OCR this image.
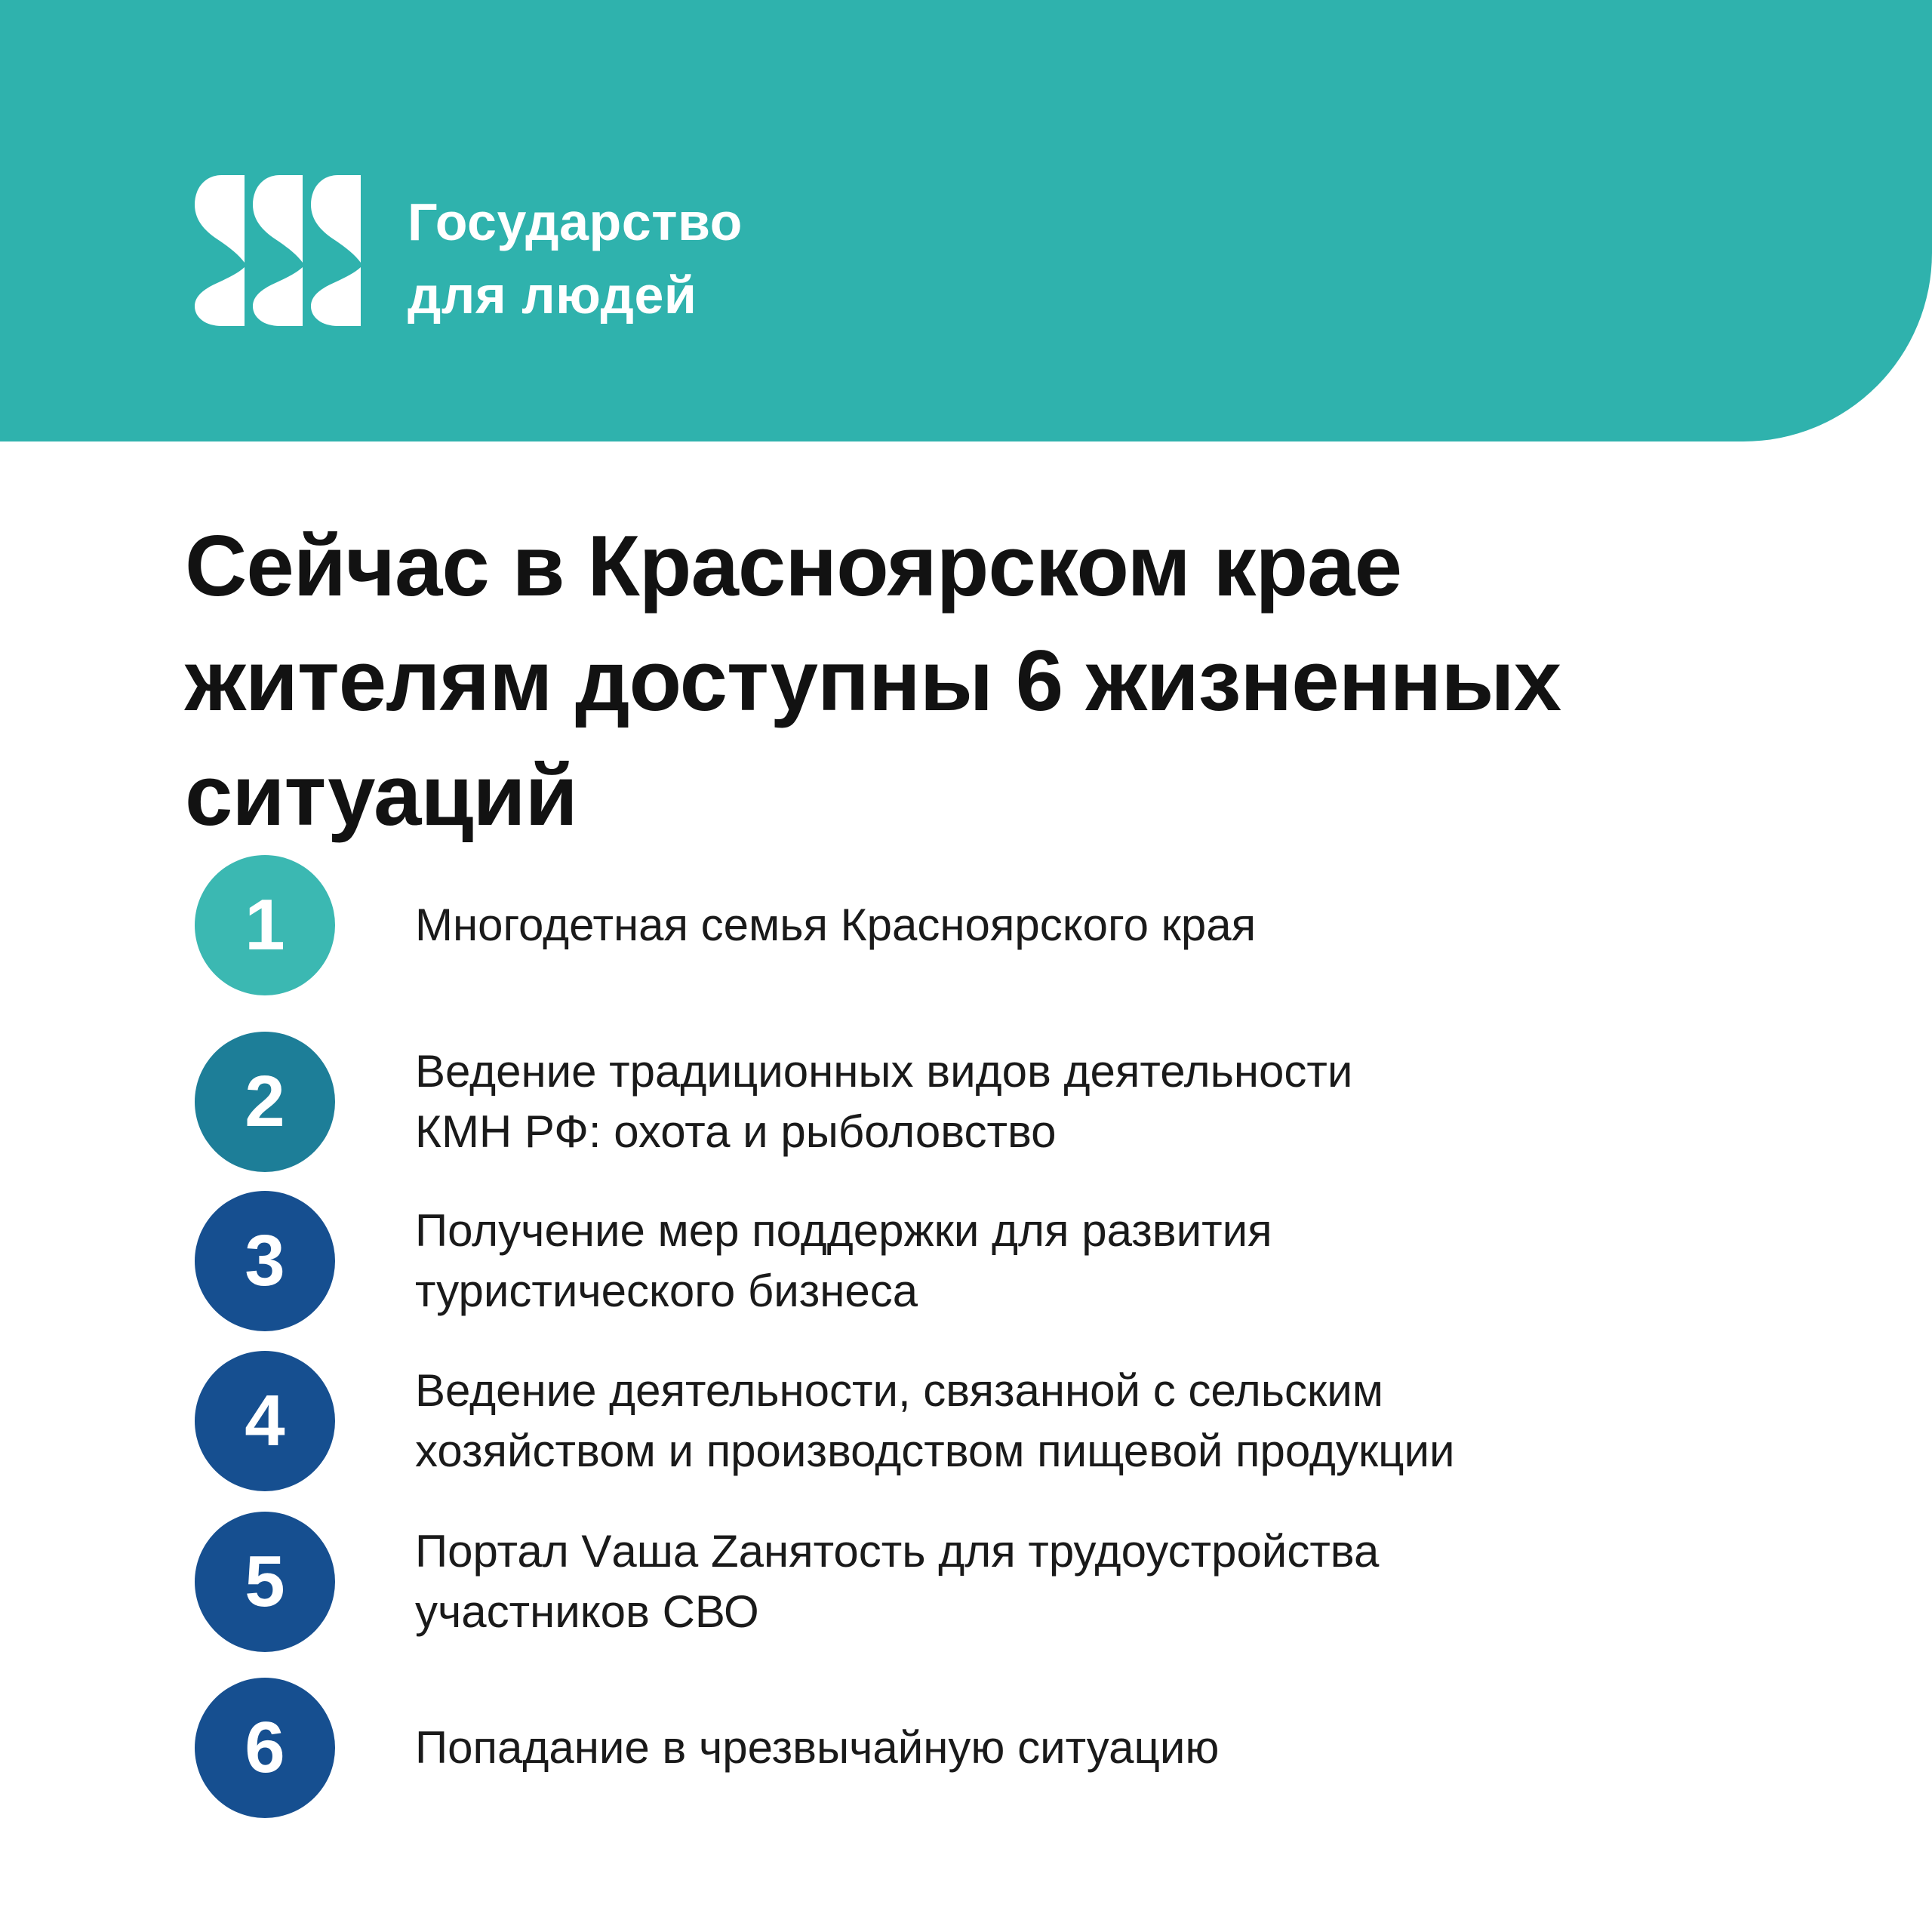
Государство
для людей
Сейчас в Красноярском крае
жителям доступны 6 жизненных
ситуаций
1	Многодетная семья Красноярского края
2	Ведение традиционных видов деятельности
КМН РФ: охота и рыболовство
3	Получение мер поддержки для развития
туристического бизнеса
4	Ведение деятельности, связанной с сельским
хозяйством и производством пищевой продукции
5	Портал Vаша Zанятость для трудоустройства
участников СВО
6	Попадание в чрезвычайную ситуацию
